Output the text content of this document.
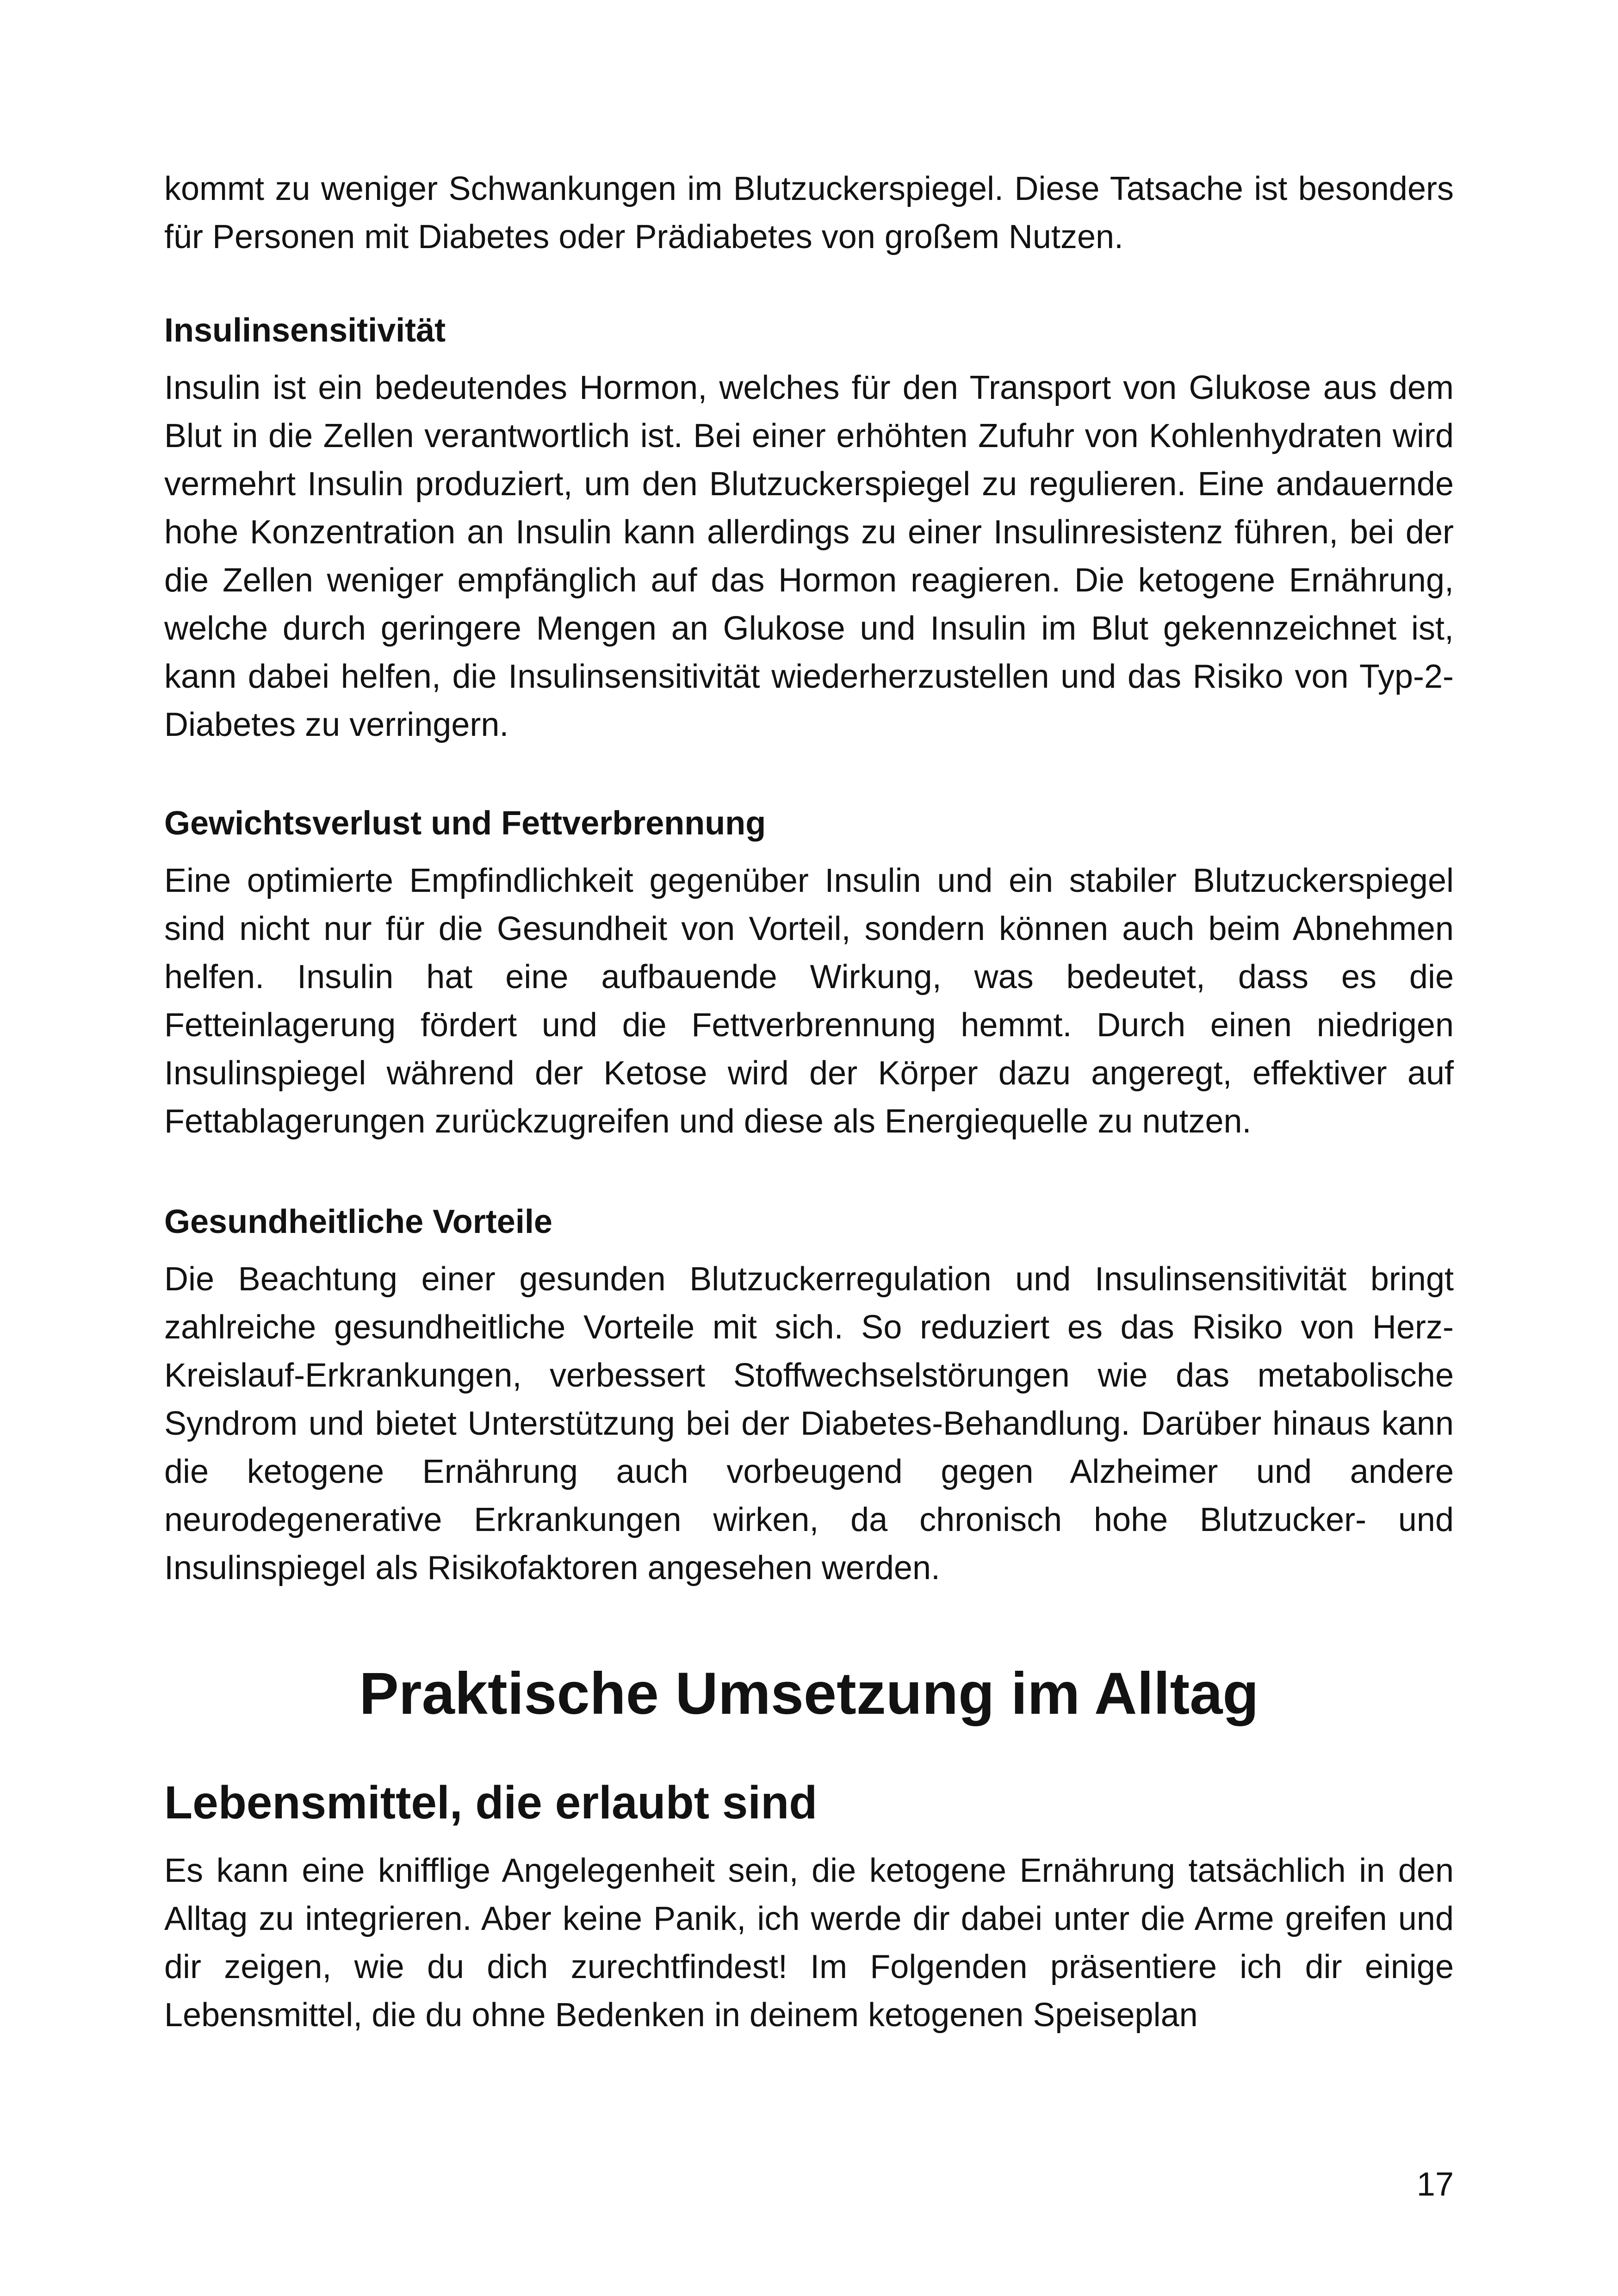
kommt zu weniger Schwankungen im Blutzuckerspiegel. Diese Tatsache ist besonders für Personen mit Diabetes oder Prädiabetes von großem Nutzen.

Insulinsensitivität

Insulin ist ein bedeutendes Hormon, welches für den Transport von Glukose aus dem Blut in die Zellen verantwortlich ist. Bei einer erhöhten Zufuhr von Kohlenhydraten wird vermehrt Insulin produziert, um den Blutzuckerspiegel zu regulieren. Eine andauernde hohe Konzentration an Insulin kann allerdings zu einer Insulinresistenz führen, bei der die Zellen weniger empfänglich auf das Hormon reagieren. Die ketogene Ernährung, welche durch geringere Mengen an Glukose und Insulin im Blut gekennzeichnet ist, kann dabei helfen, die Insulinsensitivität wiederherzustellen und das Risiko von Typ-2-Diabetes zu verringern.

Gewichtsverlust und Fettverbrennung

Eine optimierte Empfindlichkeit gegenüber Insulin und ein stabiler Blutzuckerspiegel sind nicht nur für die Gesundheit von Vorteil, sondern können auch beim Abnehmen helfen. Insulin hat eine aufbauende Wirkung, was bedeutet, dass es die Fetteinlagerung fördert und die Fettverbrennung hemmt. Durch einen niedrigen Insulinspiegel während der Ketose wird der Körper dazu angeregt, effektiver auf Fettablagerungen zurückzugreifen und diese als Energiequelle zu nutzen.

Gesundheitliche Vorteile

Die Beachtung einer gesunden Blutzuckerregulation und Insulinsensitivität bringt zahlreiche gesundheitliche Vorteile mit sich. So reduziert es das Risiko von Herz-Kreislauf-Erkrankungen, verbessert Stoffwechselstörungen wie das metabolische Syndrom und bietet Unterstützung bei der Diabetes-Behandlung. Darüber hinaus kann die ketogene Ernährung auch vorbeugend gegen Alzheimer und andere neurodegenerative Erkrankungen wirken, da chronisch hohe Blutzucker- und Insulinspiegel als Risikofaktoren angesehen werden.

Praktische Umsetzung im Alltag
Lebensmittel, die erlaubt sind

Es kann eine knifflige Angelegenheit sein, die ketogene Ernährung tatsächlich in den Alltag zu integrieren. Aber keine Panik, ich werde dir dabei unter die Arme greifen und dir zeigen, wie du dich zurechtfindest! Im Folgenden präsentiere ich dir einige Lebensmittel, die du ohne Bedenken in deinem ketogenen Speiseplan

17
